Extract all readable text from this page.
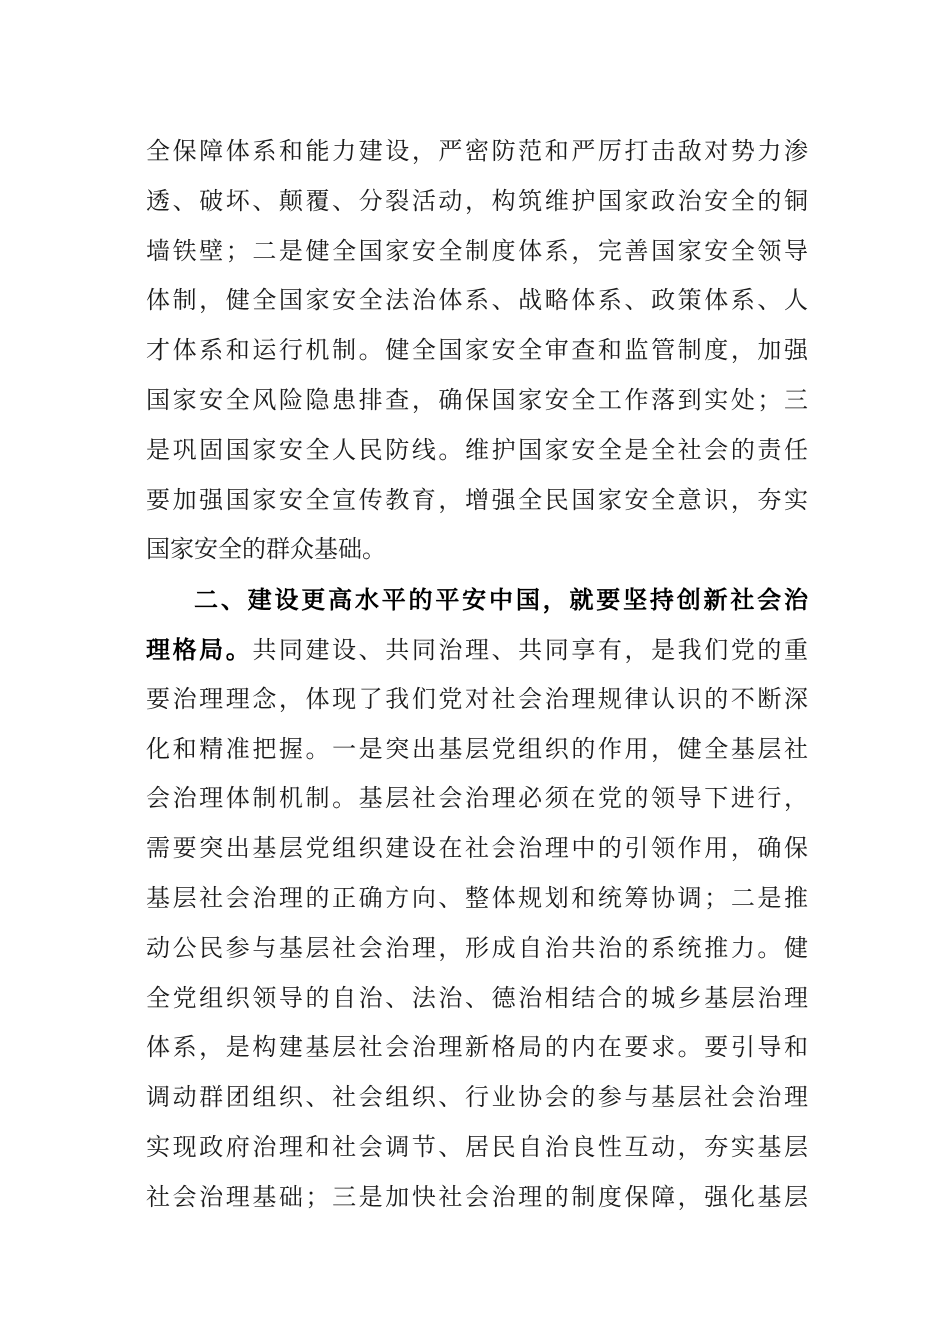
全保障体系和能力建设，严密防范和严厉打击敌对势力渗
透、破坏、颠覆、分裂活动，构筑维护国家政治安全的铜
墙铁壁；二是健全国家安全制度体系，完善国家安全领导
体制，健全国家安全法治体系、战略体系、政策体系、人
才体系和运行机制。健全国家安全审查和监管制度，加强
国家安全风险隐患排查，确保国家安全工作落到实处；三
是巩固国家安全人民防线。维护国家安全是全社会的责任
要加强国家安全宣传教育，增强全民国家安全意识，夯实
国家安全的群众基础。
二、建设更高水平的平安中国，就要坚持创新社会治
理格局。共同建设、共同治理、共同享有，是我们党的重
要治理理念，体现了我们党对社会治理规律认识的不断深
化和精准把握。一是突出基层党组织的作用，健全基层社
会治理体制机制。基层社会治理必须在党的领导下进行，
需要突出基层党组织建设在社会治理中的引领作用，确保
基层社会治理的正确方向、整体规划和统筹协调；二是推
动公民参与基层社会治理，形成自治共治的系统推力。健
全党组织领导的自治、法治、德治相结合的城乡基层治理
体系，是构建基层社会治理新格局的内在要求。要引导和
调动群团组织、社会组织、行业协会的参与基层社会治理
实现政府治理和社会调节、居民自治良性互动，夯实基层
社会治理基础；三是加快社会治理的制度保障，强化基层
